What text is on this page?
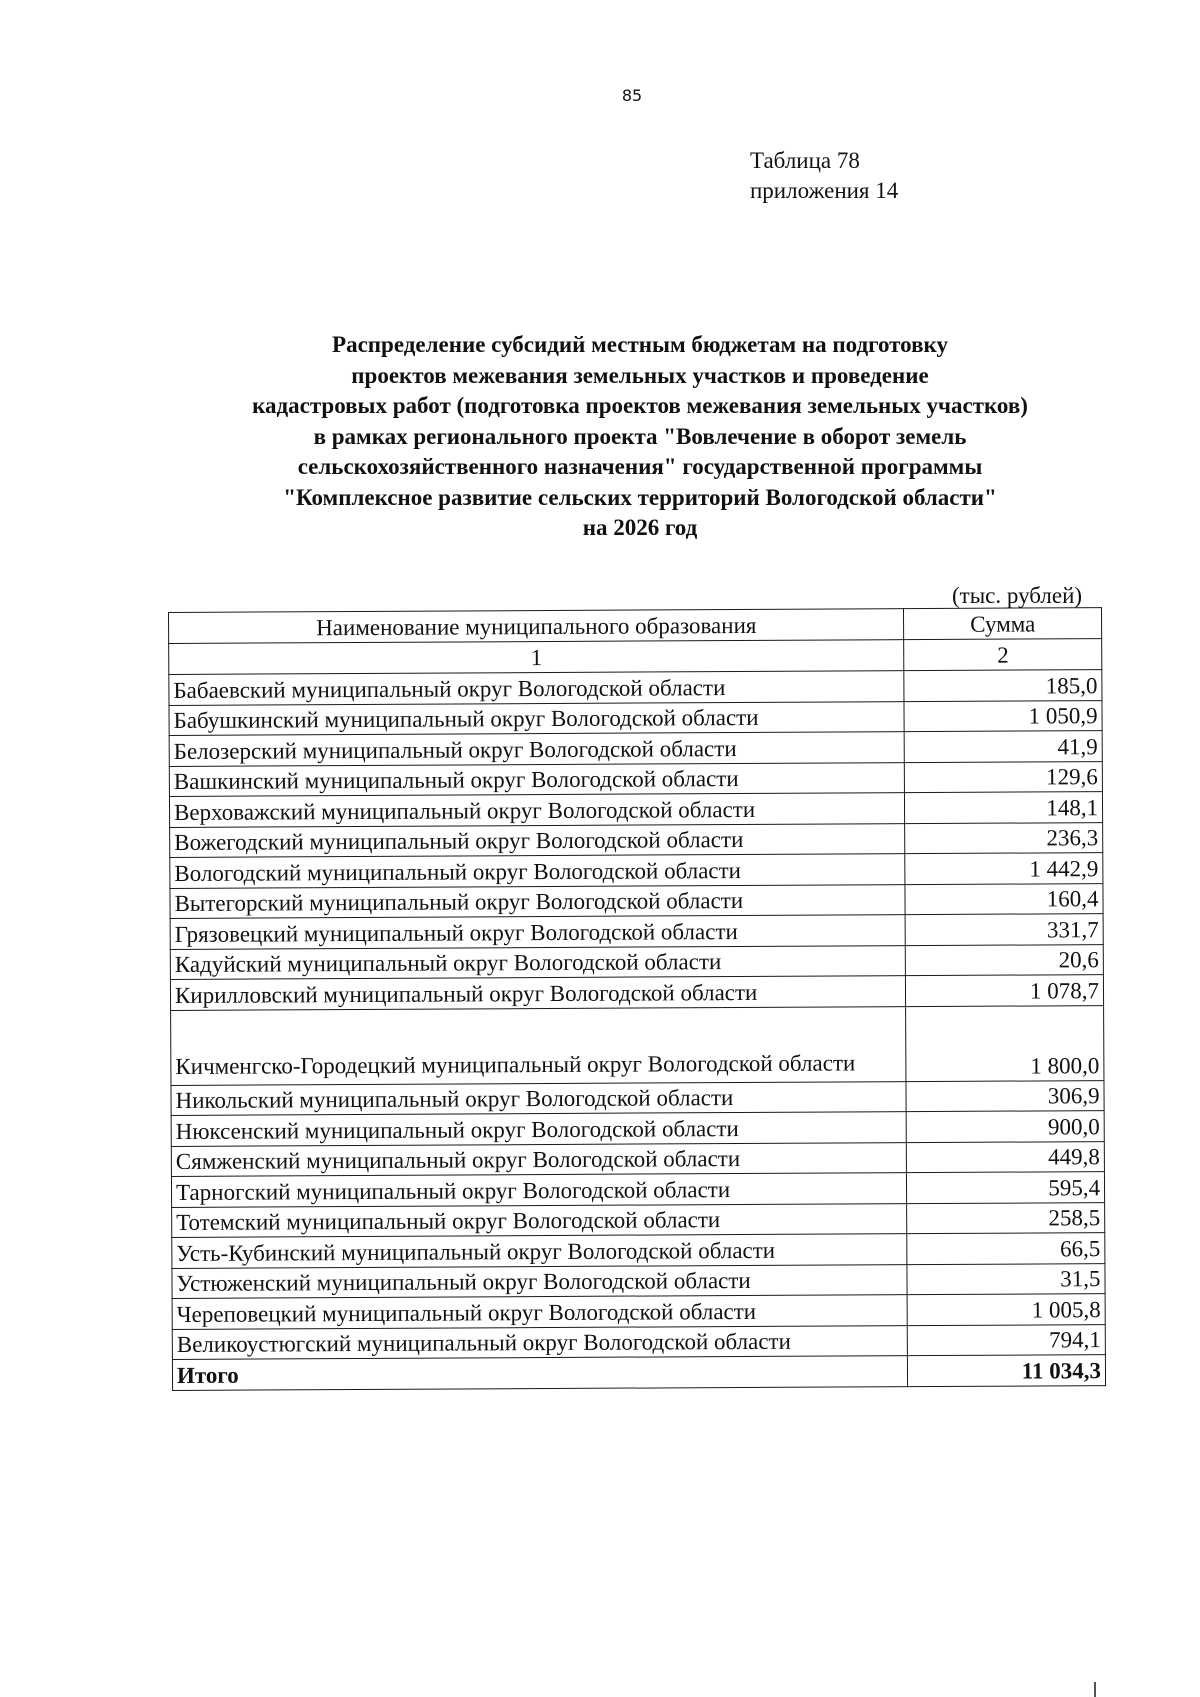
85
Таблица 78
приложения 14
Распределение субсидий местным бюджетам на подготовку
проектов межевания земельных участков и проведение
кадастровых работ (подготовка проектов межевания земельных участков)
в рамках регионального проекта "Вовлечение в оборот земель
сельскохозяйственного назначения" государственной программы
"Комплексное развитие сельских территорий Вологодской области"
на 2026 год
(тыс. рублей)
Наименование муниципального образования	Сумма
1	2
Бабаевский муниципальный округ Вологодской области	185,0
Бабушкинский муниципальный округ Вологодской области	1 050,9
Белозерский муниципальный округ Вологодской области	41,9
Вашкинский муниципальный округ Вологодской области	129,6
Верховажский муниципальный округ Вологодской области	148,1
Вожегодский муниципальный округ Вологодской области	236,3
Вологодский муниципальный округ Вологодской области	1 442,9
Вытегорский муниципальный округ Вологодской области	160,4
Грязовецкий муниципальный округ Вологодской области	331,7
Кадуйский муниципальный округ Вологодской области	20,6
Кирилловский муниципальный округ Вологодской области	1 078,7
Кичменгско-Городецкий муниципальный округ Вологодской области	1 800,0
Никольский муниципальный округ Вологодской области	306,9
Нюксенский муниципальный округ Вологодской области	900,0
Сямженский муниципальный округ Вологодской области	449,8
Тарногский муниципальный округ Вологодской области	595,4
Тотемский муниципальный округ Вологодской области	258,5
Усть-Кубинский муниципальный округ Вологодской области	66,5
Устюженский муниципальный округ Вологодской области	31,5
Череповецкий муниципальный округ Вологодской области	1 005,8
Великоустюгский муниципальный округ Вологодской области	794,1
Итого	11 034,3
